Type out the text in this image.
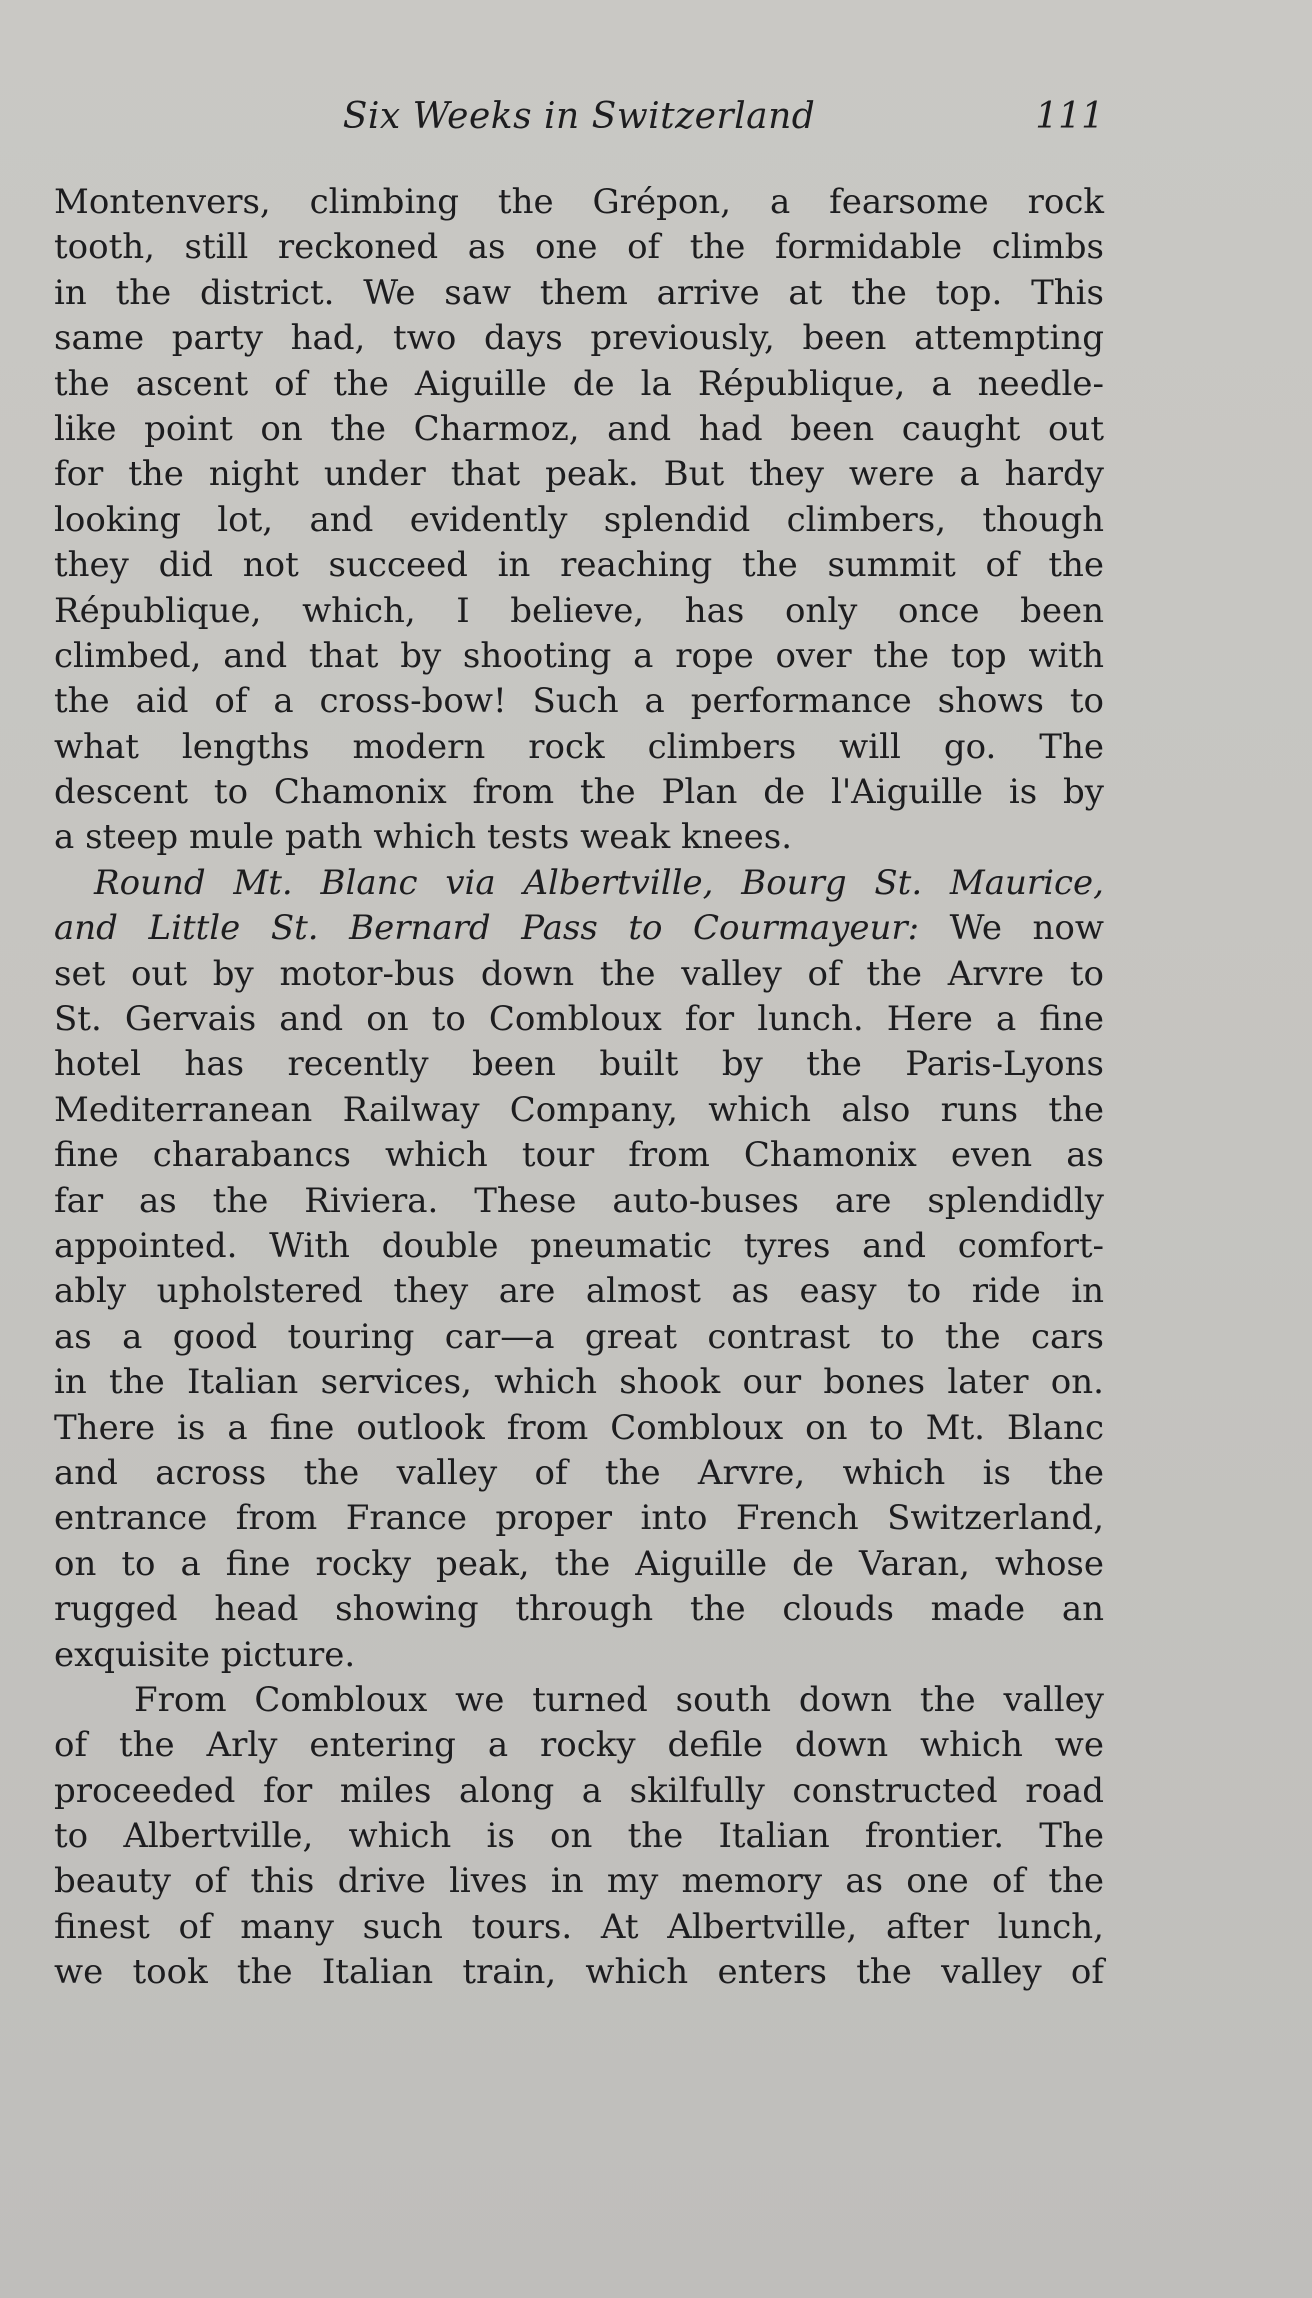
Six Weeks in Switzerland	111
Montenvers, climbing the Grépon, a fearsome rock
tooth, still reckoned as one of the formidable climbs
in the district. We saw them arrive at the top. This
same party had, two days previously, been attempting
the ascent of the Aiguille de la République, a needle-
like point on the Charmoz, and had been caught out
for the night under that peak. But they were a hardy
looking lot, and evidently splendid climbers, though
they did not succeed in reaching the summit of the
République, which, I believe, has only once been
climbed, and that by shooting a rope over the top with
the aid of a cross-bow! Such a performance shows to
what lengths modern rock climbers will go. The
descent to Chamonix from the Plan de l'Aiguille is by
a steep mule path which tests weak knees.
Round Mt. Blanc via Albertville, Bourg St. Maurice,
and Little St. Bernard Pass to Courmayeur: We now
set out by motor-bus down the valley of the Arvre to
St. Gervais and on to Combloux for lunch. Here a fine
hotel has recently been built by the Paris-Lyons
Mediterranean Railway Company, which also runs the
fine charabancs which tour from Chamonix even as
far as the Riviera. These auto-buses are splendidly
appointed. With double pneumatic tyres and comfort-
ably upholstered they are almost as easy to ride in
as a good touring car—a great contrast to the cars
in the Italian services, which shook our bones later on.
There is a fine outlook from Combloux on to Mt. Blanc
and across the valley of the Arvre, which is the
entrance from France proper into French Switzerland,
on to a fine rocky peak, the Aiguille de Varan, whose
rugged head showing through the clouds made an
exquisite picture.
From Combloux we turned south down the valley
of the Arly entering a rocky defile down which we
proceeded for miles along a skilfully constructed road
to Albertville, which is on the Italian frontier. The
beauty of this drive lives in my memory as one of the
finest of many such tours. At Albertville, after lunch,
we took the Italian train, which enters the valley of
